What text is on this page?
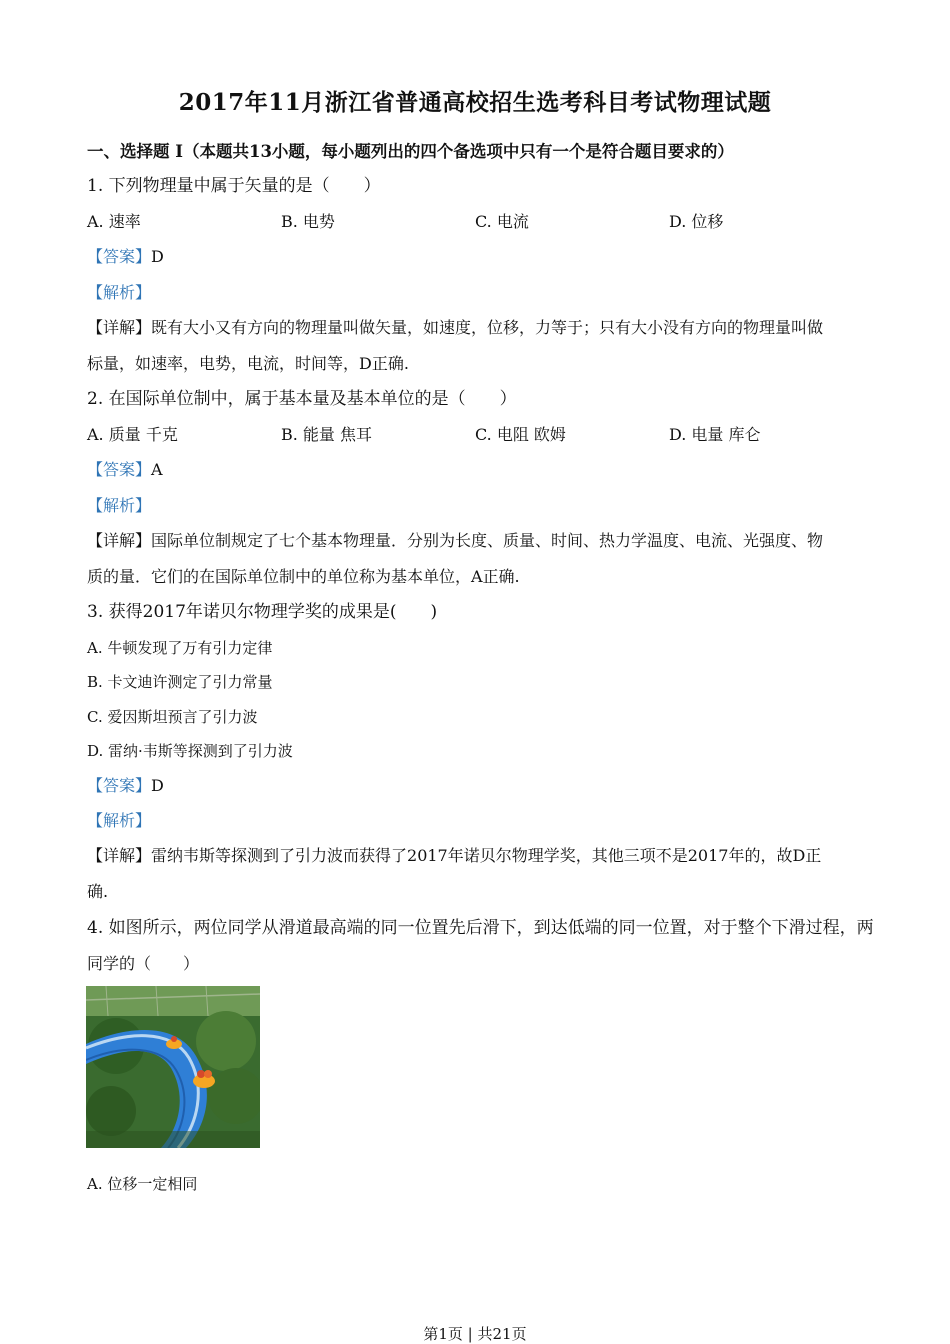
2017年11月浙江省普通高校招生选考科目考试物理试题
一、选择题 I（本题共13小题，每小题列出的四个备选项中只有一个是符合题目要求的）
1. 下列物理量中属于矢量的是（　　）
A. 速率	B. 电势	C. 电流	D. 位移
【答案】D
【解析】
【详解】既有大小又有方向的物理量叫做矢量，如速度，位移，力等于；只有大小没有方向的物理量叫做
标量，如速率，电势，电流，时间等，D正确.
2. 在国际单位制中，属于基本量及基本单位的是（　　）
A. 质量 千克	B. 能量 焦耳	C. 电阻 欧姆	D. 电量 库仑
【答案】A
【解析】
【详解】国际单位制规定了七个基本物理量．分别为长度、质量、时间、热力学温度、电流、光强度、物
质的量．它们的在国际单位制中的单位称为基本单位，A正确.
3. 获得2017年诺贝尔物理学奖的成果是(　　)
A. 牛顿发现了万有引力定律
B. 卡文迪许测定了引力常量
C. 爱因斯坦预言了引力波
D. 雷纳·韦斯等探测到了引力波
【答案】D
【解析】
【详解】雷纳韦斯等探测到了引力波而获得了2017年诺贝尔物理学奖，其他三项不是2017年的，故D正
确.
4. 如图所示，两位同学从滑道最高端的同一位置先后滑下，到达低端的同一位置，对于整个下滑过程，两
同学的（　　）
A. 位移一定相同
第1页 | 共21页
